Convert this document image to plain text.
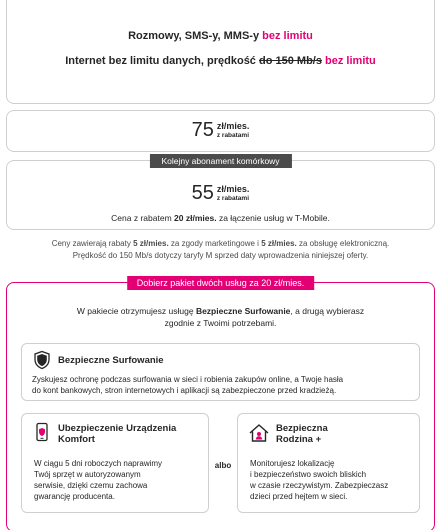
Rozmowy, SMS-y, MMS-y bez limitu
Internet bez limitu danych, prędkość do 150 Mb/s bez limitu
75 zł/mies.
z rabatami
Kolejny abonament komórkowy
55 zł/mies.
z rabatami
Cena z rabatem 20 zł/mies. za łączenie usług w T-Mobile.
Ceny zawierają rabaty 5 zł/mies. za zgody marketingowe i 5 zł/mies. za obsługę elektroniczną.
Prędkość do 150 Mb/s dotyczy taryfy M sprzed daty wprowadzenia niniejszej oferty.
Dobierz pakiet dwóch usług za 20 zł/mies.
W pakiecie otrzymujesz usługę Bezpieczne Surfowanie, a drugą wybierasz
zgodnie z Twoimi potrzebami.
Bezpieczne Surfowanie
Zyskujesz ochronę podczas surfowania w sieci i robienia zakupów online, a Twoje hasła
do kont bankowych, stron internetowych i aplikacji są zabezpieczone przed kradzieżą.
Ubezpieczenie Urządzenia
Komfort
W ciągu 5 dni roboczych naprawimy
Twój sprzęt w autoryzowanym
serwisie, dzięki czemu zachowa
gwarancję producenta.
albo
Bezpieczna
Rodzina +
Monitorujesz lokalizację
i bezpieczeństwo swoich bliskich
w czasie rzeczywistym. Zabezpieczasz
dzieci przed hejtem w sieci.
